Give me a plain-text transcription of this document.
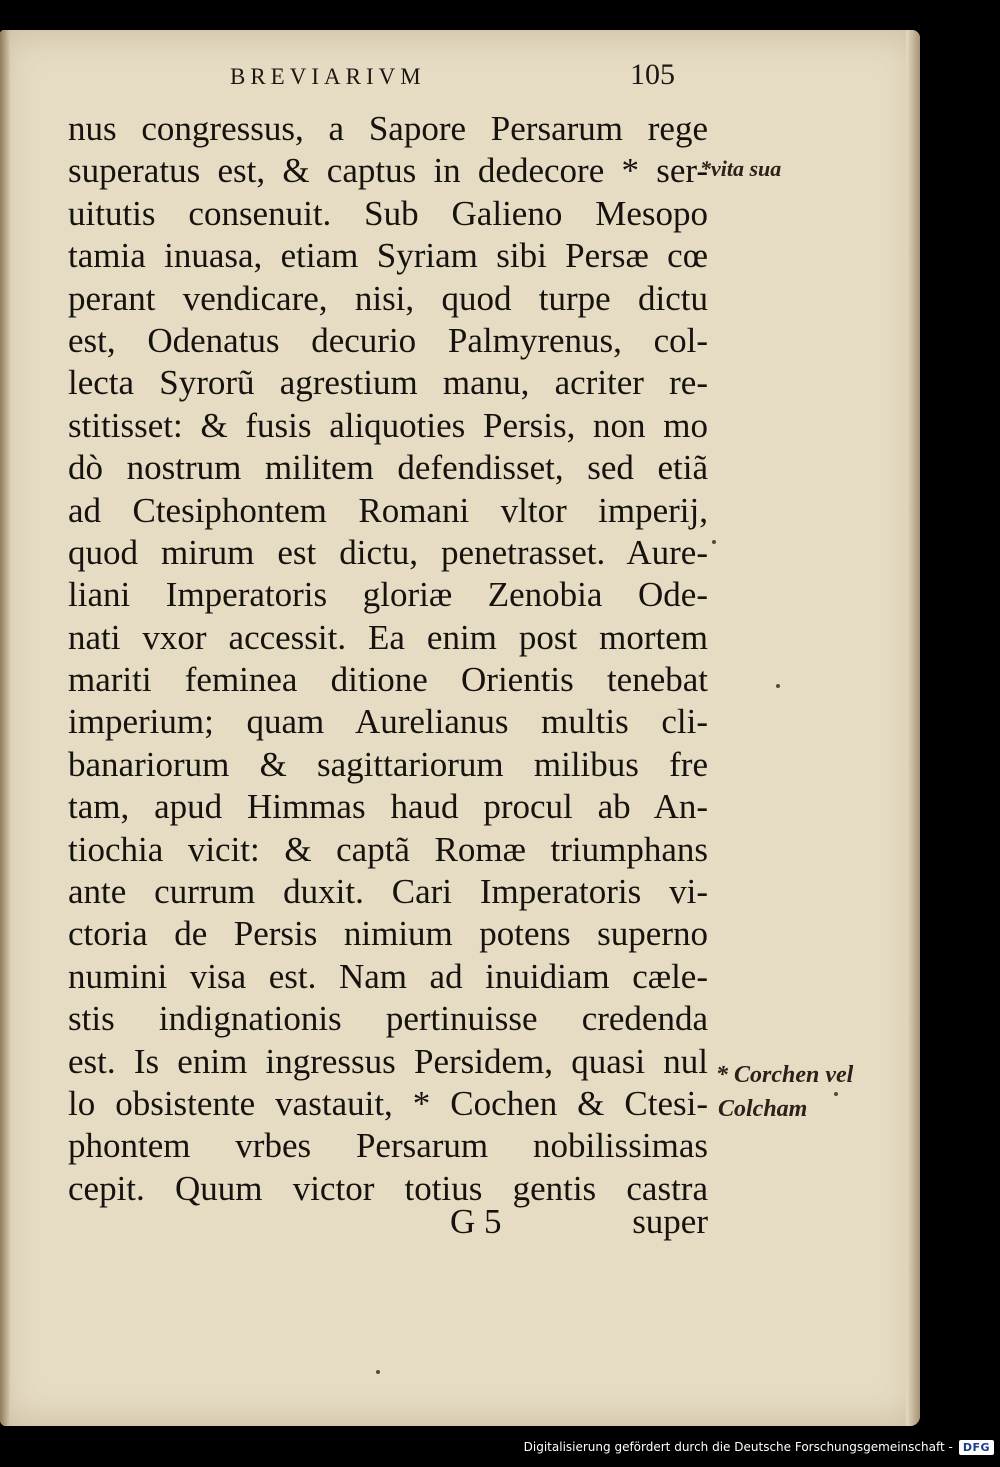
BREVIARIVM	105
nus congressus, a Sapore Persarum rege
superatus est, & captus in dedecore * ser-
uitutis consenuit. Sub Galieno Mesopo
tamia inuasa, etiam Syriam sibi Persæ cœ
perant vendicare, nisi, quod turpe dictu
est, Odenatus decurio Palmyrenus, col-
lecta Syrorũ agrestium manu, acriter re-
stitisset: & fusis aliquoties Persis, non mo
dò nostrum militem defendisset, sed etiã
ad Ctesiphontem Romani vltor imperij,
quod mirum est dictu, penetrasset. Aure-
liani Imperatoris gloriæ Zenobia Ode-
nati vxor accessit. Ea enim post mortem
mariti feminea ditione Orientis tenebat
imperium; quam Aurelianus multis cli-
banariorum & sagittariorum milibus fre
tam, apud Himmas haud procul ab An-
tiochia vicit: & captã Romæ triumphans
ante currum duxit. Cari Imperatoris vi-
ctoria de Persis nimium potens superno
numini visa est. Nam ad inuidiam cæle-
stis indignationis pertinuisse credenda
est. Is enim ingressus Persidem, quasi nul
lo obsistente vastauit, * Cochen & Ctesi-
phontem vrbes Persarum nobilissimas
cepit. Quum victor totius gentis castra
G 5	super
*vita sua
* Corchen vel
Colcham
Digitalisierung gefördert durch die Deutsche Forschungsgemeinschaft - DFG
